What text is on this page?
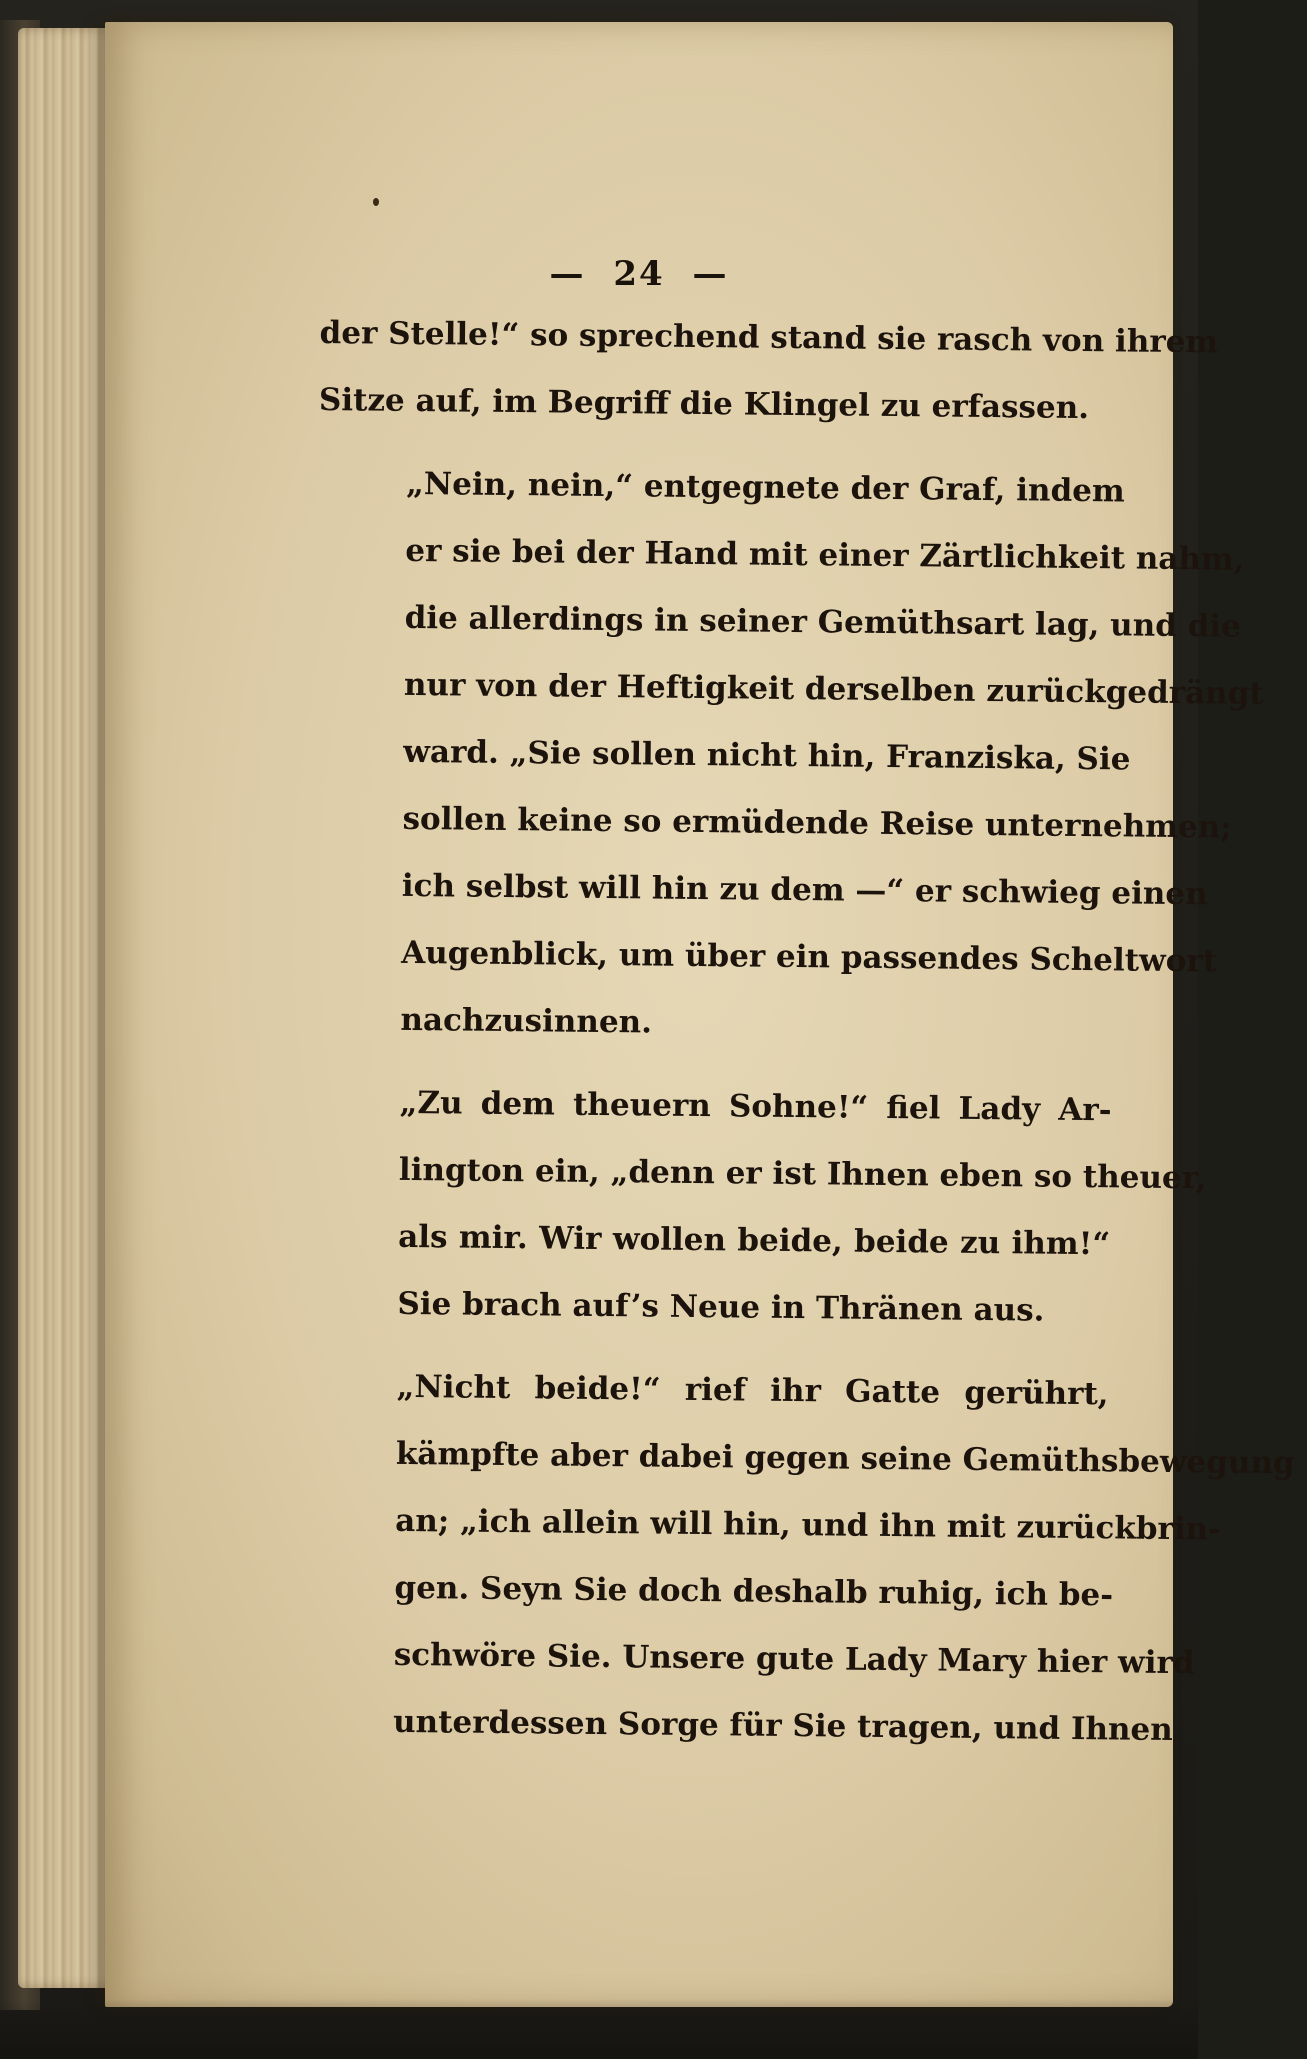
— 24 —

der Stelle!“ so sprechend stand sie rasch von ihrem
Sitze auf, im Begriff die Klingel zu erfassen.

„Nein, nein,“ entgegnete der Graf, indem
er sie bei der Hand mit einer Zärtlichkeit nahm,
die allerdings in seiner Gemüthsart lag, und die
nur von der Heftigkeit derselben zurückgedrängt
ward. „Sie sollen nicht hin, Franziska, Sie
sollen keine so ermüdende Reise unternehmen;
ich selbst will hin zu dem —“ er schwieg einen
Augenblick, um über ein passendes Scheltwort
nachzusinnen.

„Zu dem theuern Sohne!“ fiel Lady Ar-
lington ein, „denn er ist Ihnen eben so theuer,
als mir. Wir wollen beide, beide zu ihm!“
Sie brach auf’s Neue in Thränen aus.

„Nicht beide!“ rief ihr Gatte gerührt,
kämpfte aber dabei gegen seine Gemüthsbewegung
an; „ich allein will hin, und ihn mit zurückbrin-
gen. Seyn Sie doch deshalb ruhig, ich be-
schwöre Sie. Unsere gute Lady Mary hier wird
unterdessen Sorge für Sie tragen, und Ihnen
